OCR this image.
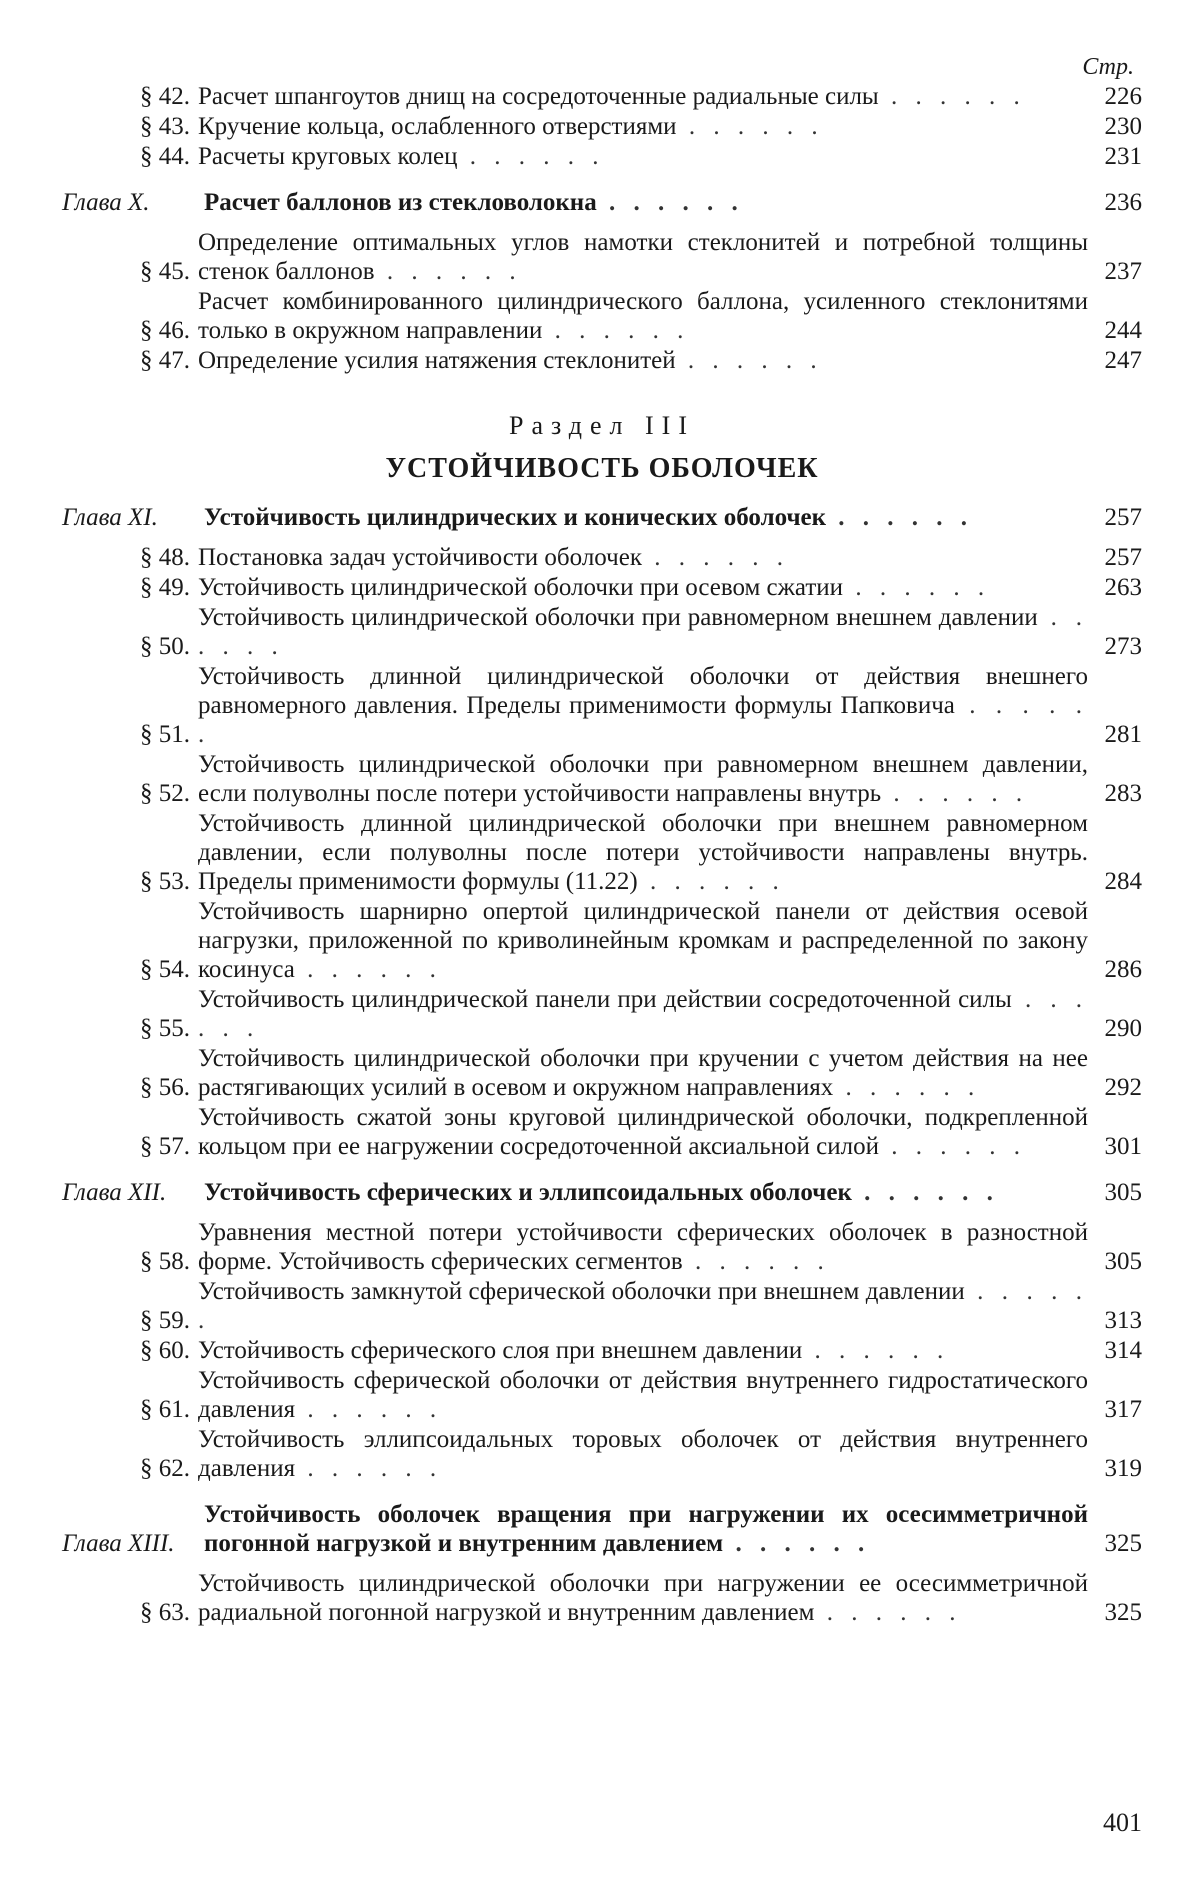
Стр.
§ 42. Расчет шпангоутов днищ на сосредоточенные радиальные силы . . . . . .	226
§ 43. Кручение кольца, ослабленного отверстиями . . . . . .	230
§ 44. Расчеты круговых колец . . . . . .	231
Глава X.	Расчет баллонов из стекловолокна . . . . . .	236
§ 45.
Определение оптимальных углов намотки стеклонитей и потребной толщины стенок баллонов . . . . . .	237
§ 46.
Расчет комбинированного цилиндрического баллона, усиленного стеклонитями только в окружном направлении . . . . . .	244
§ 47. Определение усилия натяжения стеклонитей . . . . . .	247
Раздел III
УСТОЙЧИВОСТЬ ОБОЛОЧЕК
Глава XI.	Устойчивость цилиндрических и конических оболочек . . . . . .	257
§ 48. Постановка задач устойчивости оболочек . . . . . .	257
§ 49. Устойчивость цилиндрической оболочки при осевом сжатии . . . . . .	263
§ 50.
Устойчивость цилиндрической оболочки при равномерном внешнем давлении . . . . . .	273
§ 51.
Устойчивость длинной цилиндрической оболочки от действия внешнего равномерного давления. Пределы применимости формулы Папковича . . . . . .	281
§ 52.
Устойчивость цилиндрической оболочки при равномерном внешнем давлении, если полуволны после потери устойчивости направлены внутрь . . . . . .	283
§ 53.
Устойчивость длинной цилиндрической оболочки при внешнем равномерном давлении, если полуволны после потери устойчивости направлены внутрь. Пределы применимости формулы (11.22) . . . . . .	284
§ 54.
Устойчивость шарнирно опертой цилиндрической панели от действия осевой нагрузки, приложенной по криволинейным кромкам и распределенной по закону косинуса . . . . . .	286
§ 55.
Устойчивость цилиндрической панели при действии сосредоточенной силы . . . . . .	290
§ 56.
Устойчивость цилиндрической оболочки при кручении с учетом действия на нее растягивающих усилий в осевом и окружном направлениях . . . . . .	292
§ 57.
Устойчивость сжатой зоны круговой цилиндрической оболочки, подкрепленной кольцом при ее нагружении сосредоточенной аксиальной силой . . . . . .	301
Глава XII.	Устойчивость сферических и эллипсоидальных оболочек . . . . . .	305
§ 58.
Уравнения местной потери устойчивости сферических оболочек в разностной форме. Устойчивость сферических сегментов . . . . . .	305
§ 59.
Устойчивость замкнутой сферической оболочки при внешнем давлении . . . . . .	313
§ 60. Устойчивость сферического слоя при внешнем давлении . . . . . .	314
§ 61.
Устойчивость сферической оболочки от действия внутреннего гидростатического давления . . . . . .	317
§ 62.
Устойчивость эллипсоидальных торовых оболочек от действия внутреннего давления . . . . . .	319
Глава XIII.
Устойчивость оболочек вращения при нагружении их осесимметричной погонной нагрузкой и внутренним давлением . . . . . .	325
§ 63.
Устойчивость цилиндрической оболочки при нагружении ее осесимметричной радиальной погонной нагрузкой и внутренним давлением . . . . . .	325
401
